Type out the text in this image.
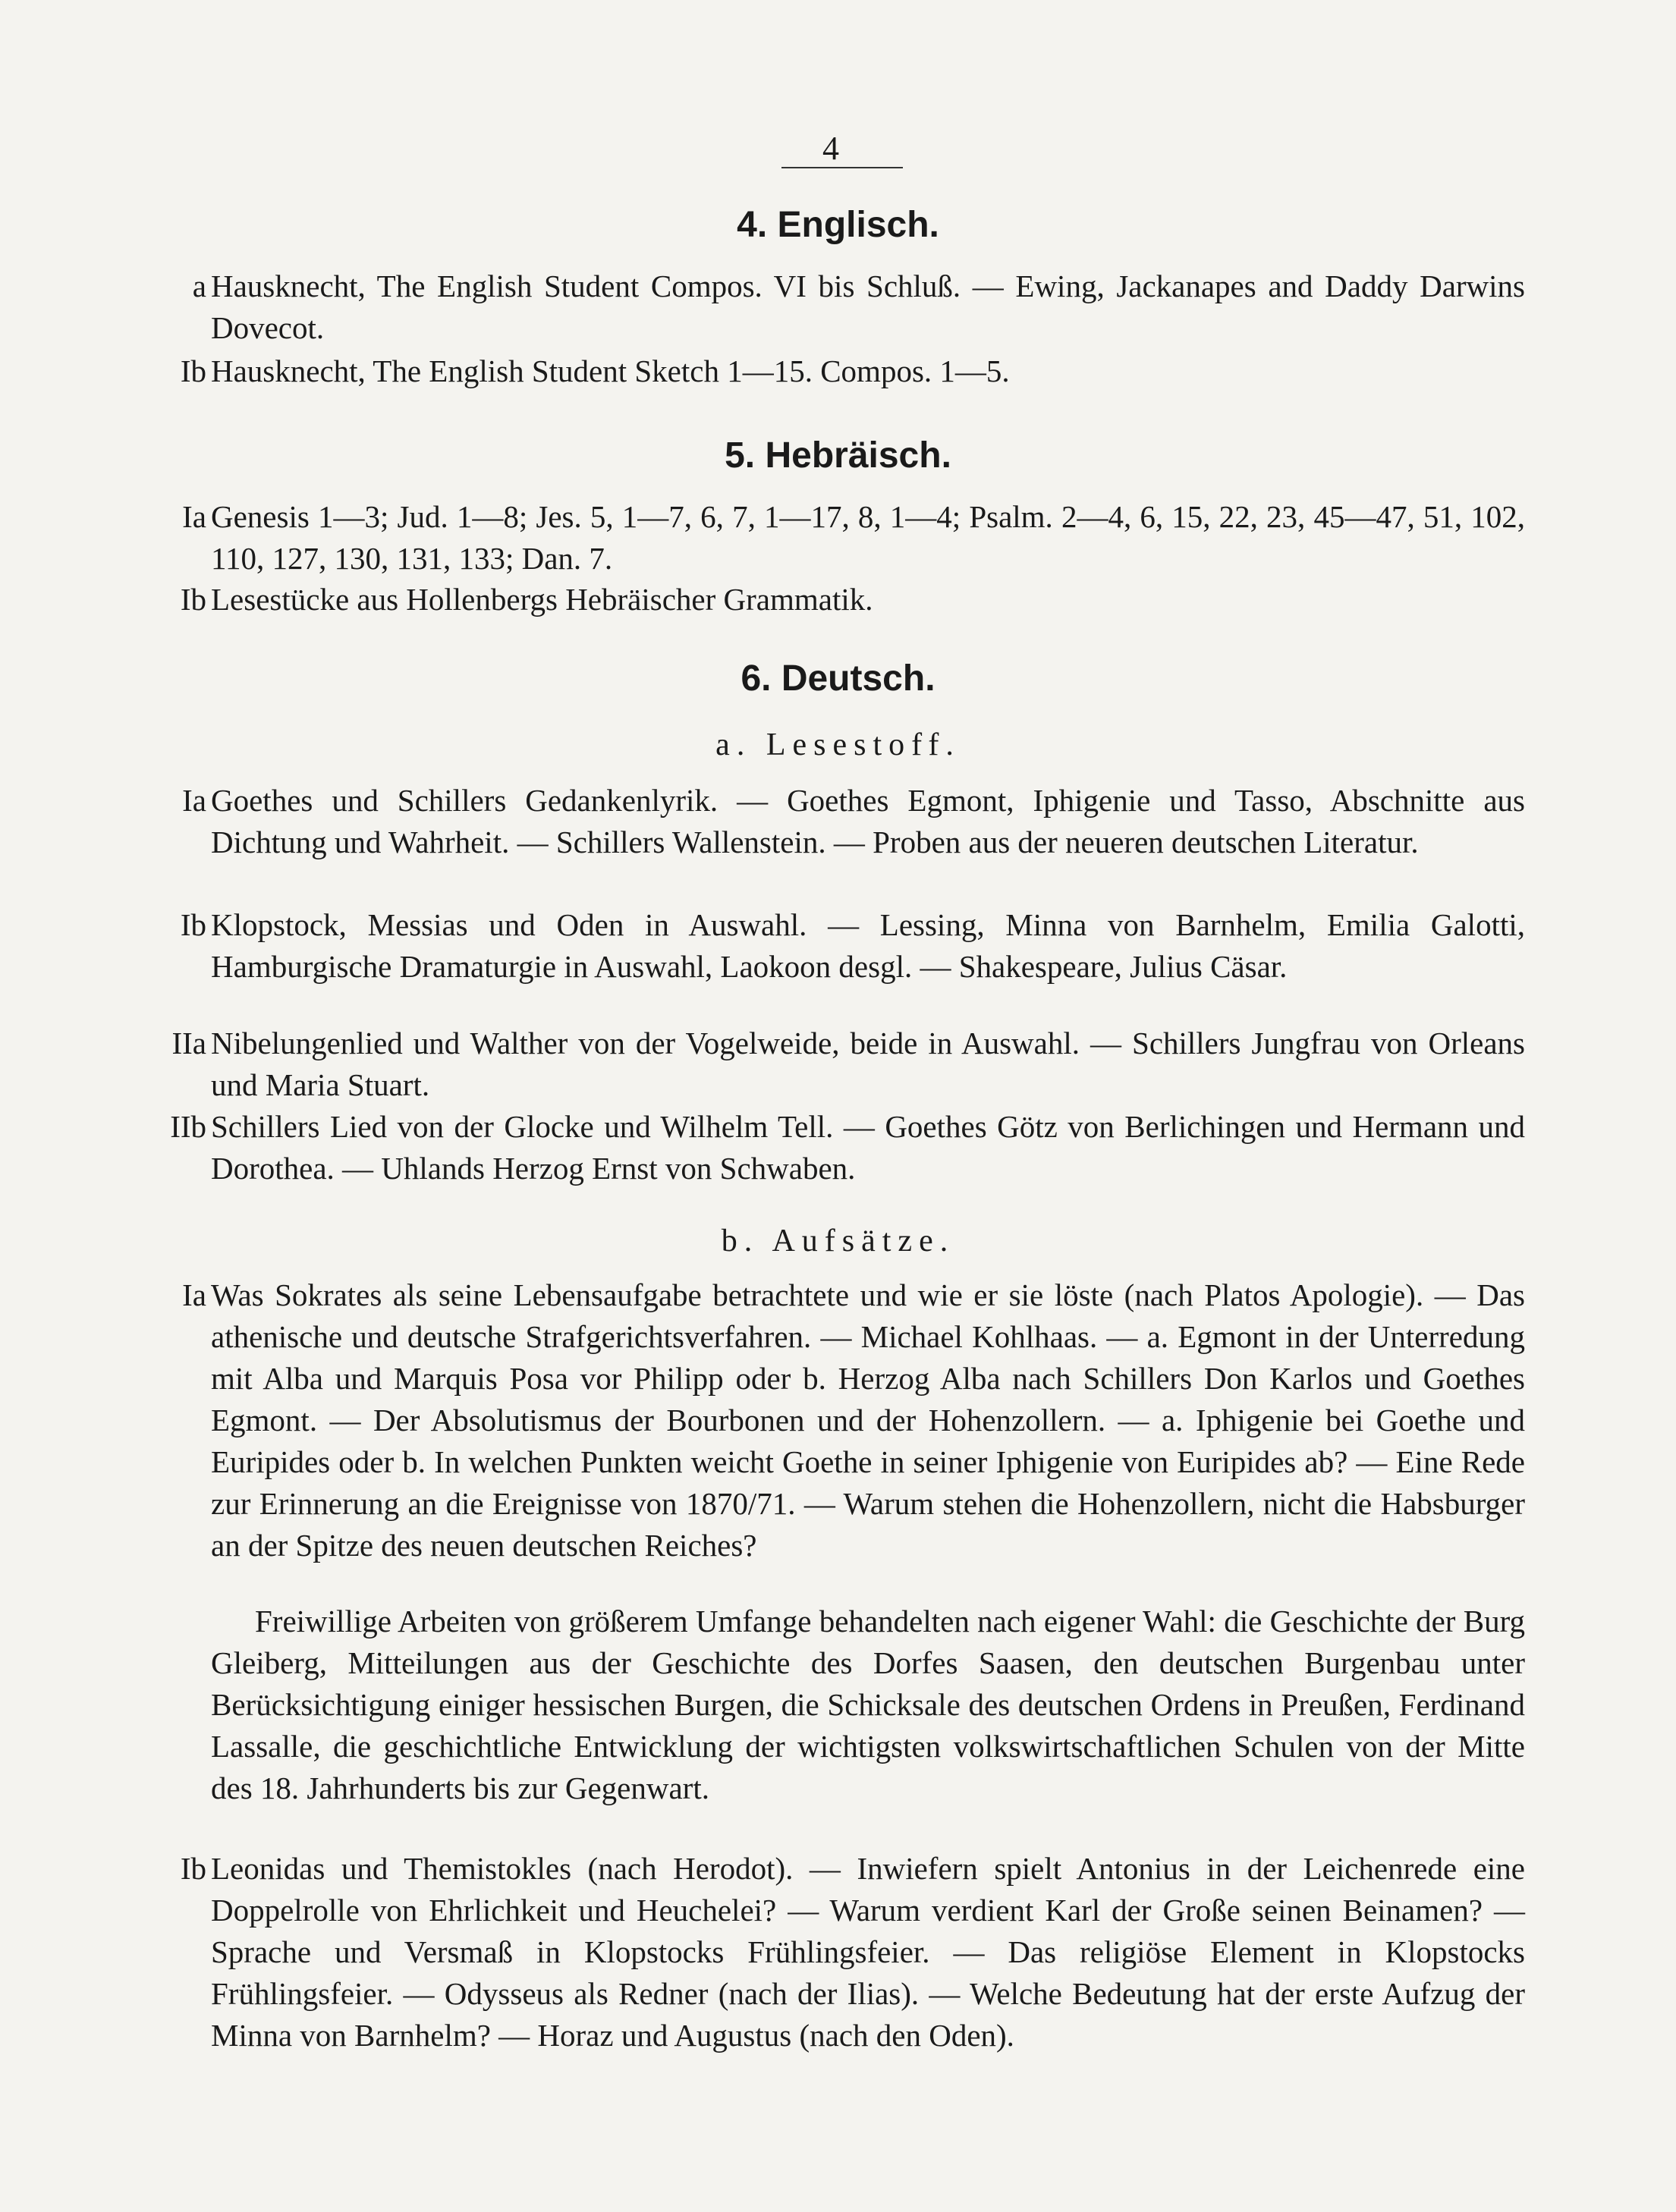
4
4. Englisch.
a Hausknecht, The English Student Compos. VI bis Schluß. — Ewing, Jackanapes and Daddy Darwins Dovecot.
Ib Hausknecht, The English Student Sketch 1—15. Compos. 1—5.
5. Hebräisch.
Ia Genesis 1—3; Jud. 1—8; Jes. 5, 1—7, 6, 7, 1—17, 8, 1—4; Psalm. 2—4, 6, 15, 22, 23, 45—47, 51, 102, 110, 127, 130, 131, 133; Dan. 7.
Ib Lesestücke aus Hollenbergs Hebräischer Grammatik.
6. Deutsch.
a. Lesestoff.
Ia Goethes und Schillers Gedankenlyrik. — Goethes Egmont, Iphigenie und Tasso, Abschnitte aus Dichtung und Wahrheit. — Schillers Wallenstein. — Proben aus der neueren deutschen Literatur.
Ib Klopstock, Messias und Oden in Auswahl. — Lessing, Minna von Barnhelm, Emilia Galotti, Hamburgische Dramaturgie in Auswahl, Laokoon desgl. — Shakespeare, Julius Cäsar.
IIa Nibelungenlied und Walther von der Vogelweide, beide in Auswahl. — Schillers Jungfrau von Orleans und Maria Stuart.
IIb Schillers Lied von der Glocke und Wilhelm Tell. — Goethes Götz von Berlichingen und Hermann und Dorothea. — Uhlands Herzog Ernst von Schwaben.
b. Aufsätze.
Ia Was Sokrates als seine Lebensaufgabe betrachtete und wie er sie löste (nach Platos Apologie). — Das athenische und deutsche Strafgerichtsverfahren. — Michael Kohlhaas. — a. Egmont in der Unterredung mit Alba und Marquis Posa vor Philipp oder b. Herzog Alba nach Schillers Don Karlos und Goethes Egmont. — Der Absolutismus der Bourbonen und der Hohenzollern. — a. Iphigenie bei Goethe und Euripides oder b. In welchen Punkten weicht Goethe in seiner Iphigenie von Euripides ab? — Eine Rede zur Erinnerung an die Ereignisse von 1870/71. — Warum stehen die Hohenzollern, nicht die Habsburger an der Spitze des neuen deutschen Reiches?
Freiwillige Arbeiten von größerem Umfange behandelten nach eigener Wahl: die Geschichte der Burg Gleiberg, Mitteilungen aus der Geschichte des Dorfes Saasen, den deutschen Burgenbau unter Berücksichtigung einiger hessischen Burgen, die Schicksale des deutschen Ordens in Preußen, Ferdinand Lassalle, die geschichtliche Entwicklung der wichtigsten volkswirtschaftlichen Schulen von der Mitte des 18. Jahrhunderts bis zur Gegenwart.
Ib Leonidas und Themistokles (nach Herodot). — Inwiefern spielt Antonius in der Leichenrede eine Doppelrolle von Ehrlichkeit und Heuchelei? — Warum verdient Karl der Große seinen Beinamen? — Sprache und Versmaß in Klopstocks Frühlingsfeier. — Das religiöse Element in Klopstocks Frühlingsfeier. — Odysseus als Redner (nach der Ilias). — Welche Bedeutung hat der erste Aufzug der Minna von Barnhelm? — Horaz und Augustus (nach den Oden).
